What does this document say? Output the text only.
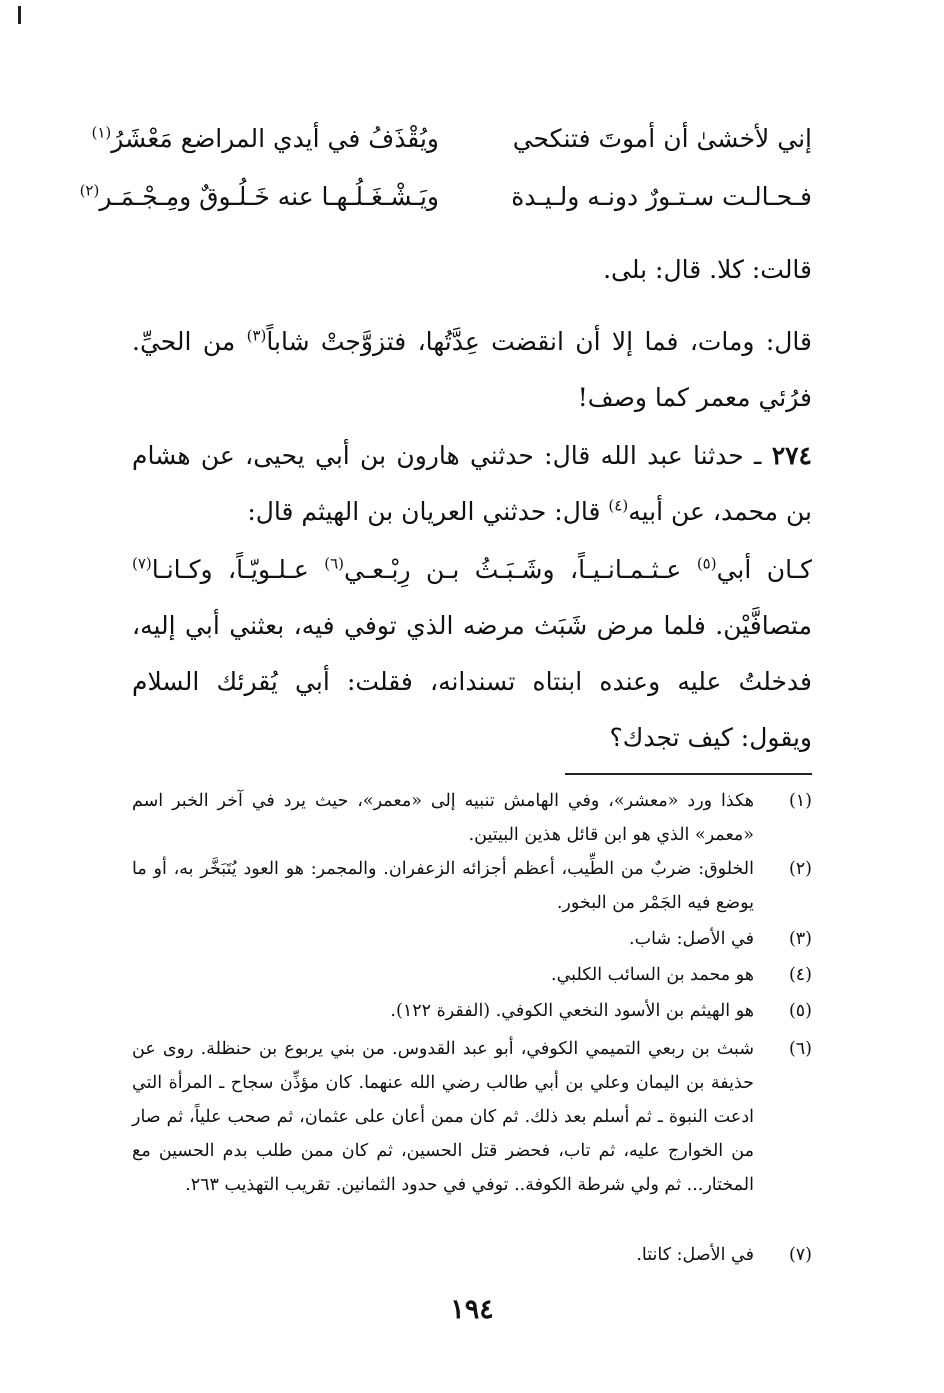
إني لأخشىٰ أن أموتَ فتنكحي
ويُقْذَفُ في أيدي المراضع مَعْشَرُ$^{(١)}$
فـحـالـت سـتـورٌ دونـه ولـيـدة
ويَـشْـغَـلُـهـا عنه خَـلُـوقٌ ومِـجْـمَـر$^{(٢)}$
قالت: كلا. قال: بلى.
قال: ومات، فما إلا أن انقضت عِدَّتُها، فتزوَّجتْ شاباً$^{(٣)}$ من الحيِّ. فرُئي معمر كما وصف!
٢٧٤ ـ حدثنا عبد الله قال: حدثني هارون بن أبي يحيى، عن هشام بن محمد، عن أبيه$^{(٤)}$ قال: حدثني العريان بن الهيثم قال:
كـان أبي$^{(٥)}$ عـثـمـانـيـاً، وشَـبَـثُ بـن رِبْـعـي$^{(٦)}$ عـلـويّـاً، وكـانـا$^{(٧)}$ متصافَّيْن. فلما مرض شَبَث مرضه الذي توفي فيه، بعثني أبي إليه، فدخلتُ عليه وعنده ابنتاه تسندانه، فقلت: أبي يُقرئك السلام ويقول: كيف تجدك؟
(١)
هكذا ورد «معشر»، وفي الهامش تنبيه إلى «معمر»، حيث يرد في آخر الخبر اسم «معمر» الذي هو ابن قائل هذين البيتين.
(٢)
الخلوق: ضربٌ من الطِّيب، أعظم أجزائه الزعفران. والمجمر: هو العود يُتَبَخَّر به، أو ما يوضع فيه الجَمْر من البخور.
(٣)
في الأصل: شاب.
(٤)
هو محمد بن السائب الكلبي.
(٥)
هو الهيثم بن الأسود النخعي الكوفي. (الفقرة ١٢٢).
(٦)
شبث بن ربعي التميمي الكوفي، أبو عبد القدوس. من بني يربوع بن حنظلة. روى عن حذيفة بن اليمان وعلي بن أبي طالب رضي الله عنهما. كان مؤذِّن سجاح ـ المرأة التي ادعت النبوة ـ ثم أسلم بعد ذلك. ثم كان ممن أعان على عثمان، ثم صحب علياً، ثم صار من الخوارج عليه، ثم تاب، فحضر قتل الحسين، ثم كان ممن طلب بدم الحسين مع المختار... ثم ولي شرطة الكوفة.. توفي في حدود الثمانين. تقريب التهذيب ٢٦٣.
(٧)
في الأصل: كانتا.
١٩٤
